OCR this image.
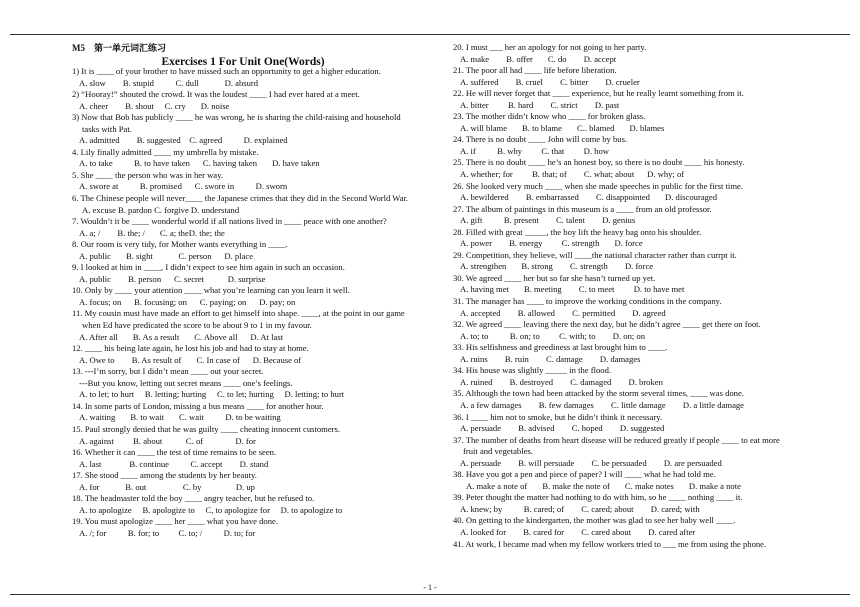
M5　第一单元词汇练习
Exercises 1 For Unit One(Words)
1) It is ____ of your brother to have missed such an opportunity to get a higher education.
A. slow        B. stupid          C. dull            D. absurd
2) “Hooray!” shouted the crowd. It was the loudest ____ I had ever hared at a meet.
A. cheer        B. shout     C. cry       D. noise
3) Now that Bob has publicly ____ he was wrong, he is sharing the child-raising and household tasks with Pat.
A. admitted        B. suggested    C. agreed          D. explained
4. Lily finally admitted ____ my umbrella by mistake.
A. to take          B. to have taken      C. having taken       D. have taken
5. She ____ the person who was in her way.
A. swore at          B. promised      C. swore in          D. sworn
6. The Chinese people will never____ the Japanese crimes that they did in the Second World War. A. excuse B. pardon C. forgive D. understand
7. Wouldn’t it be ____ wonderful world if all nations lived in ____ peace with one another?
A. a; /        B. the; /       C. a; theD. the; the
8. Our room is very tidy, for Mother wants everything in ____.
A. public       B. sight            C. person      D. place
9. I looked at him in ____, I didn’t expect to see him again in such an occasion.
A. public        B. person      C. secret           D. surprise
10. Only by ____ your attention ____ what you’re learning can you learn it well.
A. focus; on      B. focusing; on      C. paying; on      D. pay; on
11. My cousin must have made an effort to get himself into shape. ____, at the point in our game when Ed have predicated the score to be about 9 to 1 in my favour.
A. After all       B. As a result       C. Above all      D. At last
12. ____ his being late again, he lost his job and had to stay at home.
A. Owe to        B. As result of       C. In case of      D. Because of
13. ---I’m sorry, but I didn’t mean ____ out your secret.
---But you know, letting out secret means ____ one’s feelings.
A. to let; to hurt     B. letting; hurting     C. to let; hurting     D. letting; to hurt
14. In some parts of London, missing a bus means ____ for another hour.
A. waiting       B. to wait       C. wait          D. to be waiting
15. Paul strongly denied that he was guilty ____ cheating innocent customers.
A. against         B. about           C. of               D. for
16. Whether it can ____ the test of time remains to be seen.
A. last             B. continue          C. accept        D. stand
17. She stood ____ among the students by her beauty.
A. for            B. out                 C. by                D. up
18. The headmaster told the boy ____ angry teacher, but he refused to.
A. to apologize     B. apologize to     C, to apologize for     D. to apologize to
19. You must apologize ____ her ____ what you have done.
A. /; for          B. for; to         C. to; /          D. to; for
20. I must ___ her an apology for not going to her party.
A. make        B. offer       C. do        D. accept
21. The poor all had ____ life before liberation.
A. suffered        B. cruel        C. bitter        D. crueler
22. He will never forget that ____ experience, but he really learnt something from it.
A. bitter         B. hard        C. strict        D. past
23. The mother didn’t know who ____ for broken glass.
A. will blame       B. to blame       C.. blamed       D. blames
24. There is no doubt ____ John will come by bus.
A. if          B. why         C. that         D. how
25. There is no doubt ____ he’s an honest boy, so there is no doubt ____ his honesty.
A. whether; for         B. that; of        C. what; about      D. why; of
26. She looked very much ____ when she made speeches in public for the first time.
A. bewildered        B. embarrassed        C. disappointed       D. discouraged
27. The album of paintings in this museum is a ____ from an old professor.
A. gift          B. present        C. talent        D. genius
28. Filled with great _____, the boy lift the heavy bag onto his shoulder.
A. power        B. energy         C. strength       D. force
29. Competition, they believe, will ____the national character rather than currpt it.
A. strengthen       B. strong        C. strength        D. force
30. We agreed ____ her but so far she hasn’t turned up yet.
A. having met       B. meeting        C. to meet         D. to have met
31. The manager has ____ to improve the working conditions in the company.
A. accepted        B. allowed        C. permitted        D. agreed
32. We agreed ____ leaving there the next day, but he didn’t agree ____ get there on foot.
A. to; to          B. on; to         C. with; to        D. on; on
33. His selfishness and greediness at last brought him to ____.
A. ruins        B. ruin        C. damage        D. damages
34. His house was slightly _____ in the flood.
A. ruined        B. destroyed        C. damaged        D. broken
35. Although the town had been attacked by the storm several times, ____ was done.
A. a few damages        B. few damages        C. little damage        D. a little damage
36. I ____ him not to smoke, but he didn’t think it necessary.
A. persuade        B. advised        C. hoped        D. suggested
37. The number of deaths from heart disease will be reduced greatly if people ____ to eat more fruit and vegetables.
A. persuade        B. will persuade        C. be persuaded        D. are persuaded
38. Have you got a pen and piece of paper? I will ____ what he had told me.
A. make a note of       B. make the note of       C. make notes       D. make a note
39. Peter thought the matter had nothing to do with him, so he ____ nothing ____ it.
A. knew; by          B. cared; of        C. cared; about        D. cared; with
40. On getting to the kindergarten, the mother was glad to see her baby well ____.
A. looked for        B. cared for        C. cared about        D. cared after
41. At work, I became mad when my fellow workers tried to ___ me from using the phone.
- 1 -
